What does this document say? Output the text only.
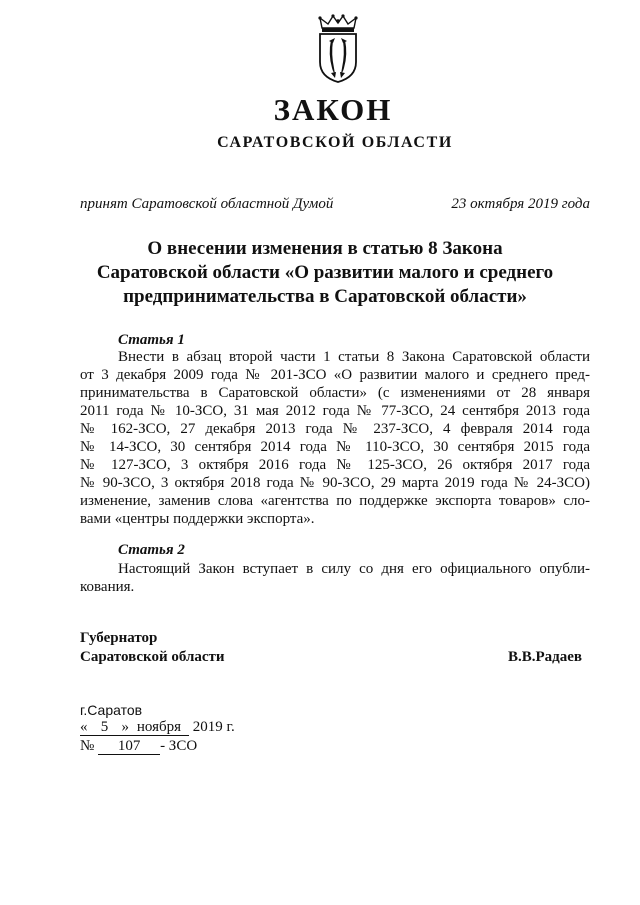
ЗАКОН
САРАТОВСКОЙ ОБЛАСТИ
принят Саратовской областной Думой	23 октября 2019 года
О внесении изменения в статью 8 Закона
Саратовской области «О развитии малого и среднего
предпринимательства в Саратовской области»
Статья 1
Внести в абзац второй части 1 статьи 8 Закона Саратовской области
от 3 декабря 2009 года № 201-ЗСО «О развитии малого и среднего пред-
принимательства в Саратовской области» (с изменениями от 28 января
2011 года № 10-ЗСО, 31 мая 2012 года № 77-ЗСО, 24 сентября 2013 года
№ 162-ЗСО, 27 декабря 2013 года № 237-ЗСО, 4 февраля 2014 года
№ 14-ЗСО, 30 сентября 2014 года № 110-ЗСО, 30 сентября 2015 года
№ 127-ЗСО, 3 октября 2016 года № 125-ЗСО, 26 октября 2017 года
№ 90-ЗСО, 3 октября 2018 года № 90-ЗСО, 29 марта 2019 года № 24-ЗСО)
изменение, заменив слова «агентства по поддержке экспорта товаров» сло-
вами «центры поддержки экспорта».
Статья 2
Настоящий Закон вступает в силу со дня его официального опубли-
кования.
Губернатор
Саратовской области	В.В.Радаев
г.Саратов
« 5 » ноября 2019 г.
№ 107 - ЗСО
